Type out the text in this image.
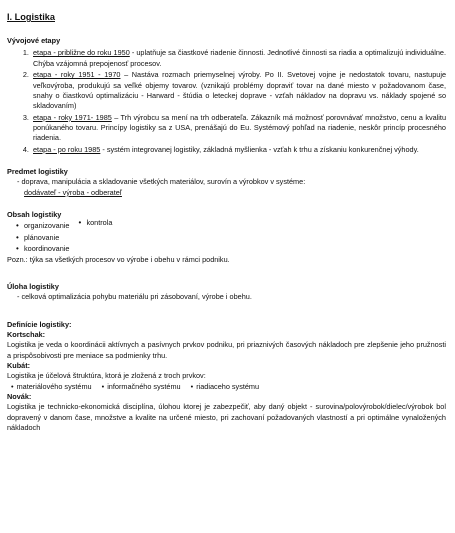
I. Logistika
Vývojové etapy
1. etapa - približne do roku 1950 - uplatňuje sa čiastkové riadenie činnosti. Jednotlivé činnosti sa riadia a optimalizujú individuálne. Chýba vzájomná prepojenosť procesov.
2. etapa - roky 1951 - 1970 – Nastáva rozmach priemyselnej výroby. Po II. Svetovej vojne je nedostatok tovaru, nastupuje veľkovýroba, produkujú sa veľké objemy tovarov. (vznikajú problémy dopraviť tovar na dané miesto v požadovanom čase, snahy o čiastkovú optimalizáciu - Harward - štúdia o leteckej doprave - vzťah nákladov na dopravu vs. náklady spojené so skladovaním)
3. etapa - roky 1971- 1985 – Trh výrobcu sa mení na trh odberateľa. Zákazník má možnosť porovnávať množstvo, cenu a kvalitu ponúkaného tovaru. Princípy logistiky sa z USA, prenášajú do Eu. Systémový pohľad na riadenie, neskôr princíp procesného riadenia.
4. etapa - po roku 1985 - systém integrovanej logistiky, základná myšlienka - vzťah k trhu a získaniu konkurenčnej výhody.
Predmet logistiky
- doprava, manipulácia a skladovanie všetkých materiálov, surovín a výrobkov v systéme:
dodávateľ - výroba - odberateľ
Obsah logistiky
• organizovanie
• plánovanie
• koordinovanie
• kontrola
Pozn.: týka sa všetkých procesov vo výrobe i obehu v rámci podniku.
Úloha logistiky
- celková optimalizácia pohybu materiálu pri zásobovaní, výrobe i obehu.
Definície logistiky:
Kortschak:
Logistika je veda o koordinácii aktívnych a pasívnych prvkov podniku, pri priaznivých časových nákladoch pre zlepšenie jeho pružnosti a prispôsobivosti pre meniace sa podmienky trhu.
Kubát:
Logistika je účelová štruktúra, ktorá je zložená z troch prvkov:
• materiálového systému • informačného systému • riadiaceho systému
Novák:
Logistika je technicko-ekonomická disciplína, úlohou ktorej je zabezpečiť, aby daný objekt - surovina/polovýrobok/dielec/výrobok bol dopravený v danom čase, množstve a kvalite na určené miesto, pri zachovaní požadovaných vlastností a pri optimálne vynaložených nákladoch
